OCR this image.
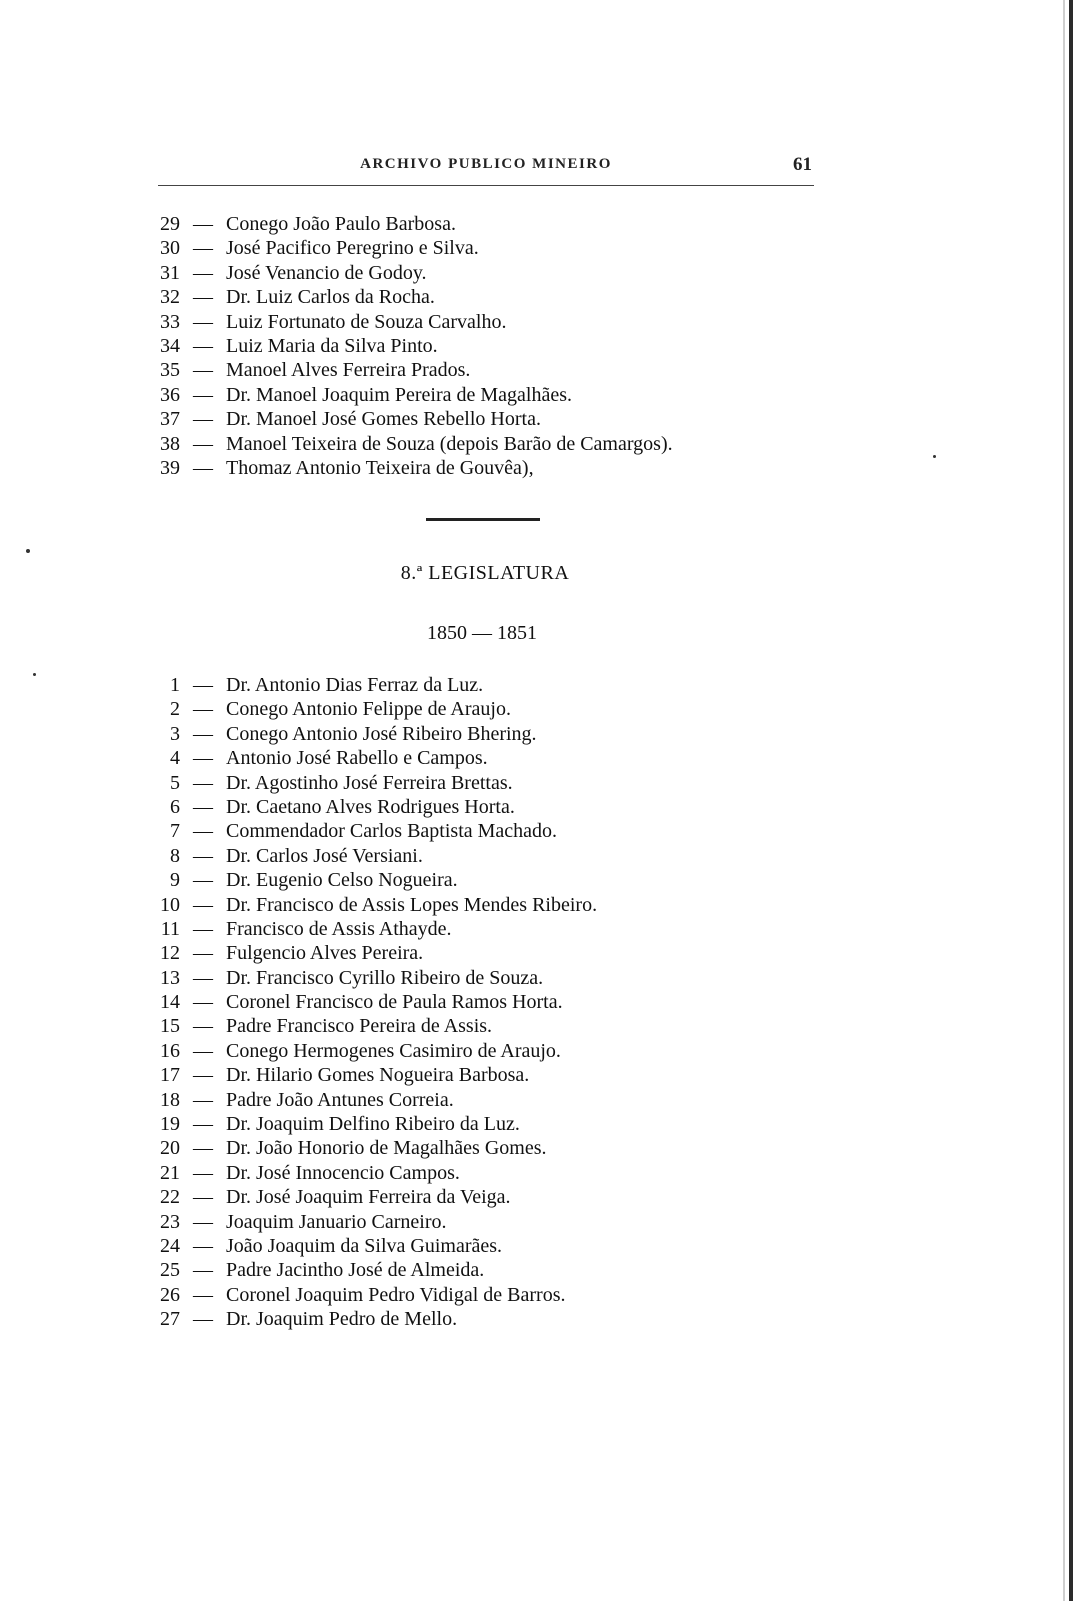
ARCHIVO PUBLICO MINEIRO	61
29 — Conego João Paulo Barbosa.
30 — José Pacifico Peregrino e Silva.
31 — José Venancio de Godoy.
32 — Dr. Luiz Carlos da Rocha.
33 — Luiz Fortunato de Souza Carvalho.
34 — Luiz Maria da Silva Pinto.
35 — Manoel Alves Ferreira Prados.
36 — Dr. Manoel Joaquim Pereira de Magalhães.
37 — Dr. Manoel José Gomes Rebello Horta.
38 — Manoel Teixeira de Souza (depois Barão de Camargos).
39 — Thomaz Antonio Teixeira de Gouvêa),
8.ª LEGISLATURA
1850 — 1851
1 — Dr. Antonio Dias Ferraz da Luz.
2 — Conego Antonio Felippe de Araujo.
3 — Conego Antonio José Ribeiro Bhering.
4 — Antonio José Rabello e Campos.
5 — Dr. Agostinho José Ferreira Brettas.
6 — Dr. Caetano Alves Rodrigues Horta.
7 — Commendador Carlos Baptista Machado.
8 — Dr. Carlos José Versiani.
9 — Dr. Eugenio Celso Nogueira.
10 — Dr. Francisco de Assis Lopes Mendes Ribeiro.
11 — Francisco de Assis Athayde.
12 — Fulgencio Alves Pereira.
13 — Dr. Francisco Cyrillo Ribeiro de Souza.
14 — Coronel Francisco de Paula Ramos Horta.
15 — Padre Francisco Pereira de Assis.
16 — Conego Hermogenes Casimiro de Araujo.
17 — Dr. Hilario Gomes Nogueira Barbosa.
18 — Padre João Antunes Correia.
19 — Dr. Joaquim Delfino Ribeiro da Luz.
20 — Dr. João Honorio de Magalhães Gomes.
21 — Dr. José Innocencio Campos.
22 — Dr. José Joaquim Ferreira da Veiga.
23 — Joaquim Januario Carneiro.
24 — João Joaquim da Silva Guimarães.
25 — Padre Jacintho José de Almeida.
26 — Coronel Joaquim Pedro Vidigal de Barros.
27 — Dr. Joaquim Pedro de Mello.
